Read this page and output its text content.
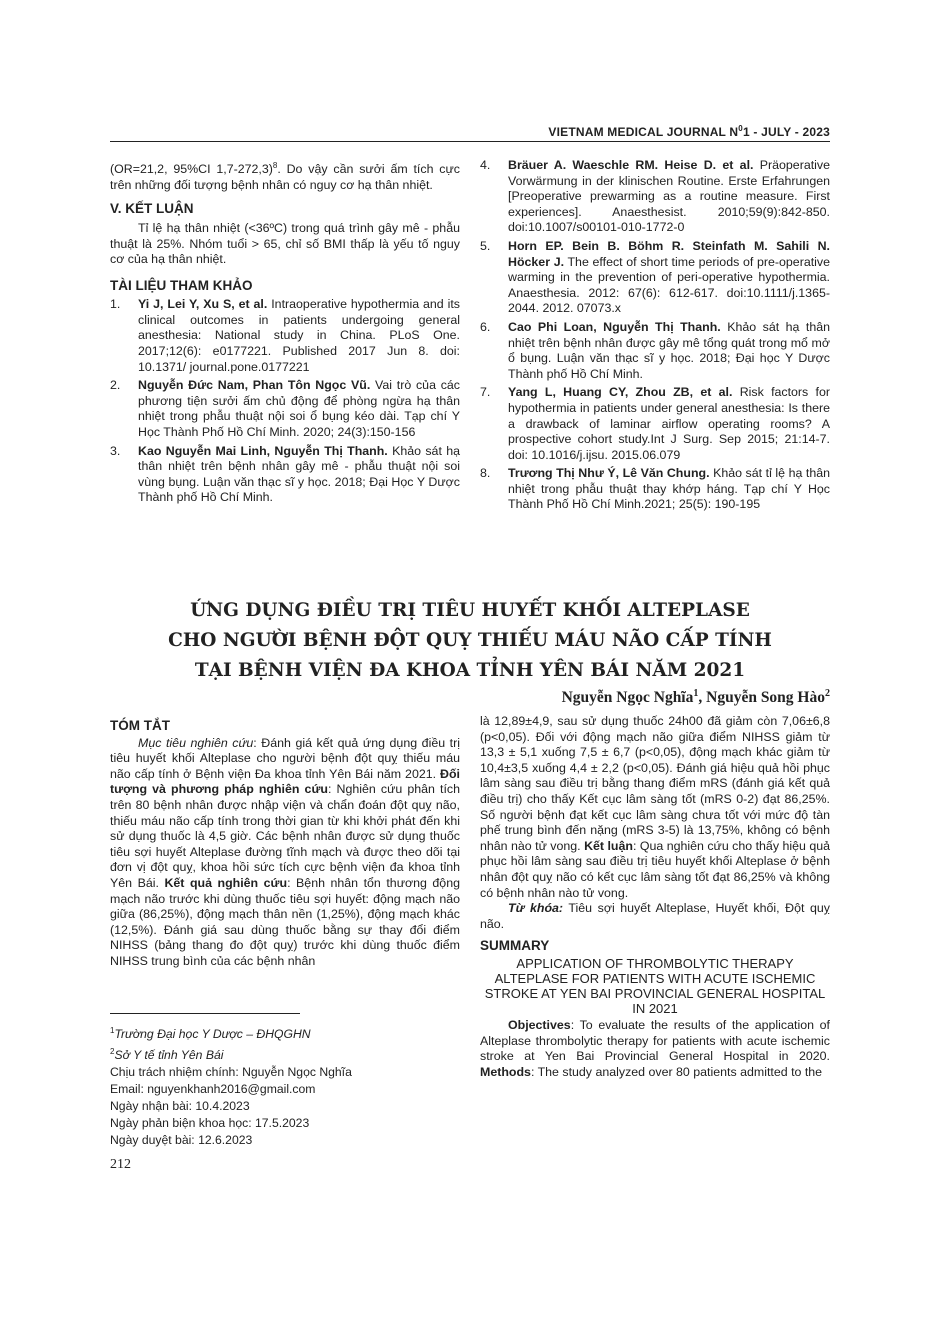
VIETNAM MEDICAL JOURNAL $N^01$ - JULY - 2023

(OR=21,2, 95%CI 1,7-272,3)$^8$. Do vậy cần sưởi ấm tích cực trên những đối tượng bệnh nhân có nguy cơ hạ thân nhiệt.

V. KẾT LUẬN

Tỉ lệ hạ thân nhiệt (<36ºC) trong quá trình gây mê - phẫu thuật là 25%. Nhóm tuổi > 65, chỉ số BMI thấp là yếu tố nguy cơ của hạ thân nhiệt.

TÀI LIỆU THAM KHẢO

1.	Yi J, Lei Y, Xu S, et al. Intraoperative hypothermia and its clinical outcomes in patients undergoing general anesthesia: National study in China. PLoS One. 2017;12(6): e0177221. Published 2017 Jun 8. doi: 10.1371/ journal.pone.0177221
2.	Nguyễn Đức Nam, Phan Tôn Ngọc Vũ. Vai trò của các phương tiện sưởi ấm chủ động để phòng ngừa hạ thân nhiệt trong phẫu thuật nội soi ổ bụng kéo dài. Tạp chí Y Học Thành Phố Hồ Chí Minh. 2020; 24(3):150-156
3.	Kao Nguyễn Mai Linh, Nguyễn Thị Thanh. Khảo sát hạ thân nhiệt trên bệnh nhân gây mê - phẫu thuật nội soi vùng bụng. Luận văn thạc sĩ y học. 2018; Đại Học Y Dược Thành phố Hồ Chí Minh.
4.	Bräuer A. Waeschle RM. Heise D. et al. Präoperative Vorwärmung in der klinischen Routine. Erste Erfahrungen [Preoperative prewarming as a routine measure. First experiences]. Anaesthesist. 2010;59(9):842-850. doi:10.1007/s00101-010-1772-0
5.	Horn EP. Bein B. Böhm R. Steinfath M. Sahili N. Höcker J. The effect of short time periods of pre-operative warming in the prevention of peri-operative hypothermia. Anaesthesia. 2012: 67(6): 612-617. doi:10.1111/j.1365-2044. 2012. 07073.x
6.	Cao Phi Loan, Nguyễn Thị Thanh. Khảo sát hạ thân nhiệt trên bệnh nhân được gây mê tổng quát trong mổ mở ổ bụng. Luận văn thạc sĩ y học. 2018; Đại học Y Dược Thành phố Hồ Chí Minh.
7.	Yang L, Huang CY, Zhou ZB, et al. Risk factors for hypothermia in patients under general anesthesia: Is there a drawback of laminar airflow operating rooms? A prospective cohort study.Int J Surg. Sep 2015; 21:14-7. doi: 10.1016/j.ijsu. 2015.06.079
8.	Trương Thị Như Ý, Lê Văn Chung. Khảo sát tỉ lệ hạ thân nhiệt trong phẫu thuật thay khớp háng. Tạp chí Y Học Thành Phố Hồ Chí Minh.2021; 25(5): 190-195
ỨNG DỤNG ĐIỀU TRỊ TIÊU HUYẾT KHỐI ALTEPLASE
CHO NGƯỜI BỆNH ĐỘT QUỴ THIẾU MÁU NÃO CẤP TÍNH
TẠI BỆNH VIỆN ĐA KHOA TỈNH YÊN BÁI NĂM 2021
Nguyễn Ngọc Nghĩa$^1$, Nguyễn Song Hào$^2$

TÓM TẮT

Mục tiêu nghiên cứu: Đánh giá kết quả ứng dụng điều trị tiêu huyết khối Alteplase cho người bệnh đột quỵ thiếu máu não cấp tính ở Bệnh viện Đa khoa tỉnh Yên Bái năm 2021. Đối tượng và phương pháp nghiên cứu: Nghiên cứu phân tích trên 80 bệnh nhân được nhập viện và chẩn đoán đột quỵ não, thiếu máu não cấp tính trong thời gian từ khi khởi phát đến khi sử dụng thuốc là 4,5 giờ. Các bệnh nhân được sử dụng thuốc tiêu sợi huyết Alteplase đường tĩnh mạch và được theo dõi tại đơn vị đột quỵ, khoa hồi sức tích cực bệnh viện đa khoa tỉnh Yên Bái. Kết quả nghiên cứu: Bệnh nhân tổn thương động mạch não trước khi dùng thuốc tiêu sợi huyết: động mạch não giữa (86,25%), động mạch thân nền (1,25%), động mạch khác (12,5%). Đánh giá sau dùng thuốc bằng sự thay đổi điểm NIHSS (bảng thang đo đột quỵ) trước khi dùng thuốc điểm NIHSS trung bình của các bệnh nhân

là 12,89±4,9, sau sử dụng thuốc 24h00 đã giảm còn 7,06±6,8 (p<0,05). Đối với động mạch não giữa điểm NIHSS giảm từ 13,3 ± 5,1 xuống 7,5 ± 6,7 (p<0,05), động mạch khác giảm từ 10,4±3,5 xuống 4,4 ± 2,2 (p<0,05). Đánh giá hiệu quả hồi phục lâm sàng sau điều trị bằng thang điểm mRS (đánh giá kết quả điều trị) cho thấy Kết cục lâm sàng tốt (mRS 0-2) đạt 86,25%. Số người bệnh đạt kết cục lâm sàng chưa tốt với mức độ tàn phế trung bình đến nặng (mRS 3-5) là 13,75%, không có bệnh nhân nào tử vong. Kết luận: Qua nghiên cứu cho thấy hiệu quả phục hồi lâm sàng sau điều trị tiêu huyết khối Alteplase ở bệnh nhân đột quỵ não có kết cục lâm sàng tốt đạt 86,25% và không có bệnh nhân nào tử vong.

Từ khóa: Tiêu sợi huyết Alteplase, Huyết khối, Đột quỵ não.

SUMMARY

APPLICATION OF THROMBOLYTIC THERAPY ALTEPLASE FOR PATIENTS WITH ACUTE ISCHEMIC STROKE AT YEN BAI PROVINCIAL GENERAL HOSPITAL IN 2021

Objectives: To evaluate the results of the application of Alteplase thrombolytic therapy for patients with acute ischemic stroke at Yen Bai Provincial General Hospital in 2020. Methods: The study analyzed over 80 patients admitted to the

$^1$Trường Đại học Y Dược – ĐHQGHN

$^2$Sở Y tế tỉnh Yên Bái

Chịu trách nhiệm chính: Nguyễn Ngọc Nghĩa

Email: nguyenkhanh2016@gmail.com

Ngày nhận bài: 10.4.2023

Ngày phản biện khoa học: 17.5.2023

Ngày duyệt bài: 12.6.2023

212
